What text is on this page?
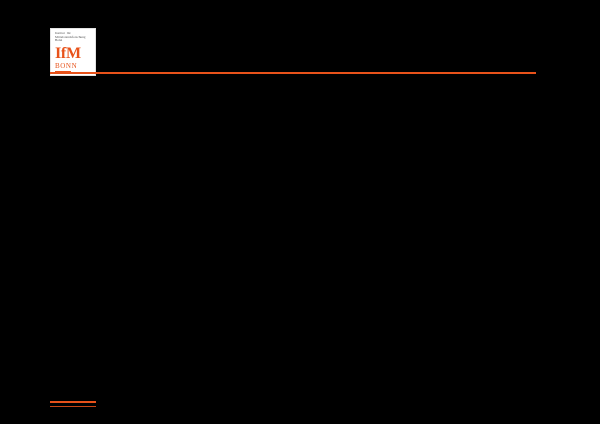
Institut für Mittelstandsforschung Bonn
IfM
BONN
